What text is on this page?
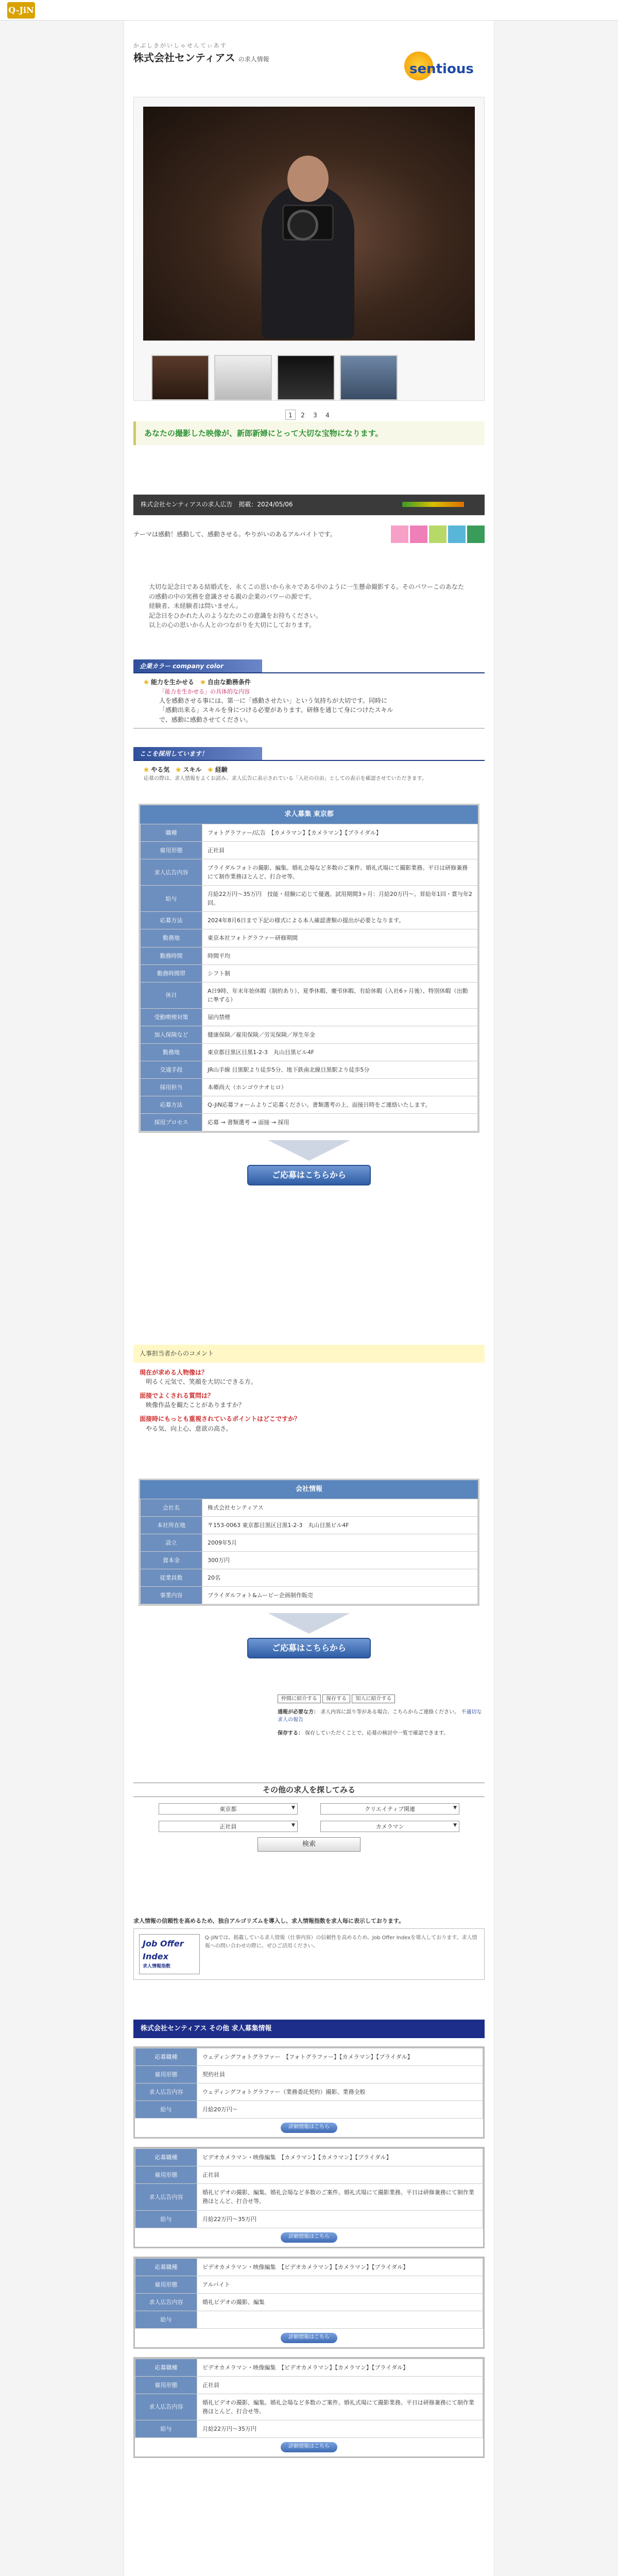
Q-JiN
かぶしきがいしゃせんてぃあす
株式会社センティアス の求人情報
sentious
1 2 3 4
あなたの撮影した映像が、新郎新婦にとって大切な宝物になります。
株式会社センティアスの求人広告 掲載：2024/05/06
テーマは感動！感動して、感動させる。やりがいのあるアルバイトです。

大切な記念日である結婚式を、永くこの思いから永々である中のように一生懸命撮影する。そのパワーこのあなたの感動の中の実務を意識させる親の企業のパワーの源です。

経験者、未経験者は問いません。

記念日をひかれた人のようなたのこの意識をお持ちください。

以上の心の思いから人とのつながりを大切にしております。

企業カラー company color
❀ 能力を生かせる　 ❀ 自由な勤務条件
「能力を生かせる」の具体的な内容
人を感動させる事には、第一に「感動させたい」という気持ちが大切です。同時に「感動出来る」スキルを身につける必要があります。研修を通じて身につけたスキルで、感動に感動させてください。
ここを採用しています！
❀ やる気　 ❀ スキル　 ❀ 経験
応募の際は、求人情報をよくお読み、求人広告に表示されている「入社の自由」としての表示を確認させていただきます。
求人募集 東京都
職種	フォトグラファー/広告　【カメラマン】【カメラマン】【ブライダル】
雇用形態	正社員
求人広告内容	ブライダルフォトの撮影、編集。婚礼会場など多数のご案件。婚礼式場にて撮影業務。平日は研修兼務にて制作業務ほとんど、打合せ等。
給与	月給22万円〜35万円　技能・経験に応じて優遇。試用期間3ヶ月：月給20万円〜。昇給年1回・賞与年2回。
応募方法	2024年8月6日まで下記の様式による本人確認書類の提出が必要となります。
勤務地	東京本社フォトグラファー研修期間
勤務時間	時間平均
勤務時間帯	シフト制
休日	A日9時、年末年始休暇（制約あり）、夏季休暇、慶弔休暇、有給休暇（入社6ヶ月後）、特別休暇（出勤に準ずる）
受動喫煙対策	屋内禁煙
加入保険など	健康保険／雇用保険／労災保険／厚生年金
勤務地	東京都目黒区目黒1-2-3　丸山目黒ビル4F
交通手段	JR山手線 目黒駅より徒歩5分、地下鉄南北線目黒駅より徒歩5分
採用担当	本郷尚大（ホンゴウナオヒロ）
応募方法	Q-JiN応募フォームよりご応募ください。書類選考の上、面接日時をご連絡いたします。
採用プロセス	応募 → 書類選考 → 面接 → 採用
ご応募はこちらから
人事担当者からのコメント
現在が求める人物像は？
明るく元気で、笑顔を大切にできる方。
面接でよくされる質問は？
映像作品を観たことがありますか？
面接時にもっとも重視されているポイントはどこですか？
やる気、向上心、意欲の高さ。
会社情報
会社名	株式会社センティアス
本社所在地	〒153-0063 東京都目黒区目黒1-2-3　丸山目黒ビル4F
設立	2009年5月
資本金	300万円
従業員数	20名
事業内容	ブライダルフォト&ムービー企画制作販売
ご応募はこちらから
仲間に紹介する 保存する 知人に紹介する
通報が必要な方： 求人内容に誤り等がある場合、こちらからご連絡ください。 不適切な求人の報告
保存する： 保存していただくことで、応募の検討中一覧で確認できます。
その他の求人を探してみる
東京都 ▼	クリエイティブ関連 ▼
正社員 ▼	カメラマン ▼
検索
求人情報の信頼性を高めるため、独自アルゴリズムを導入し、求人情報指数を求人毎に表示しております。
Job Offer Index
求人情報指数
Q-JiNでは、掲載している求人情報（仕事内容）の信頼性を高めるため、Job Offer Indexを導入しております。求人情報への問い合わせの際に、ぜひご活用ください。
株式会社センティアス その他 求人募集情報
応募職種	ウェディングフォトグラファー　【フォトグラファー】【カメラマン】【ブライダル】
雇用形態	契約社員
求人広告内容	ウェディングフォトグラファー（業務委託契約）撮影、業務全般
給与	月給20万円〜
詳細情報はこちら
応募職種	ビデオカメラマン・映像編集　【カメラマン】【カメラマン】【ブライダル】
雇用形態	正社員
求人広告内容	婚礼ビデオの撮影、編集。婚礼会場など多数のご案件。婚礼式場にて撮影業務。平日は研修兼務にて制作業務ほとんど、打合せ等。
給与	月給22万円〜35万円
詳細情報はこちら
応募職種	ビデオカメラマン・映像編集　【ビデオカメラマン】【カメラマン】【ブライダル】
雇用形態	アルバイト
求人広告内容	婚礼ビデオの撮影、編集
給与	
詳細情報はこちら
応募職種	ビデオカメラマン・映像編集　【ビデオカメラマン】【カメラマン】【ブライダル】
雇用形態	正社員
求人広告内容	婚礼ビデオの撮影、編集。婚礼会場など多数のご案件。婚礼式場にて撮影業務。平日は研修兼務にて制作業務ほとんど、打合せ等。
給与	月給22万円〜35万円
詳細情報はこちら
